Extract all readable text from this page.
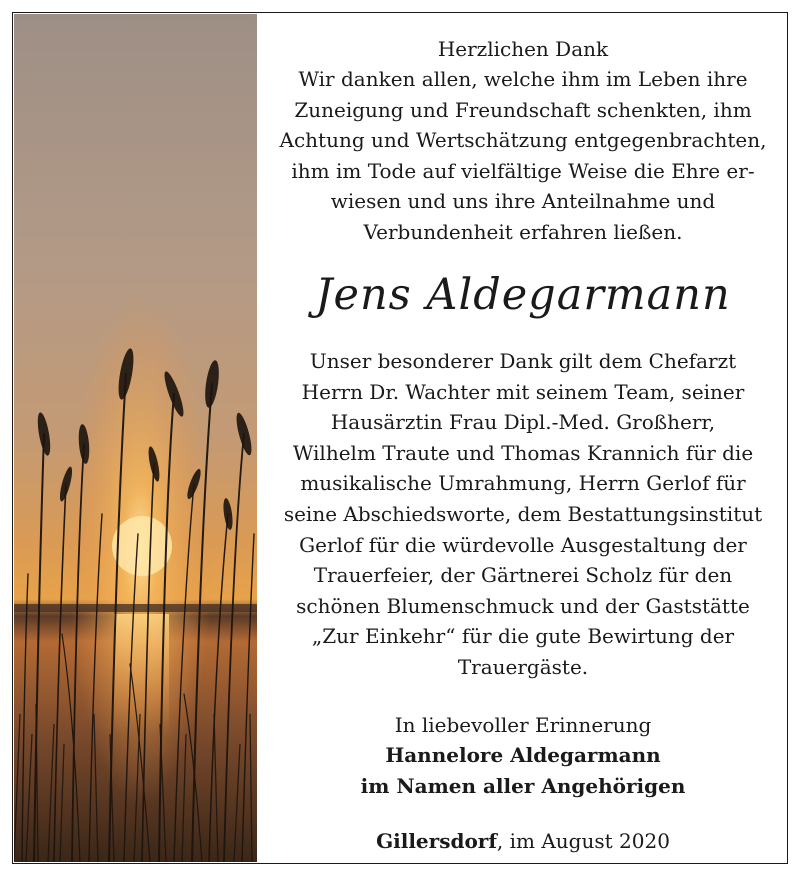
Herzlichen Dank
Wir danken allen, welche ihm im Leben ihre
Zuneigung und Freundschaft schenkten, ihm
Achtung und Wertschätzung entgegenbrachten,
ihm im Tode auf vielfältige Weise die Ehre er-
wiesen und uns ihre Anteilnahme und
Verbundenheit erfahren ließen.
Jens Aldegarmann
Unser besonderer Dank gilt dem Chefarzt
Herrn Dr. Wachter mit seinem Team, seiner
Hausärztin Frau Dipl.-Med. Großherr,
Wilhelm Traute und Thomas Krannich für die
musikalische Umrahmung, Herrn Gerlof für
seine Abschiedsworte, dem Bestattungsinstitut
Gerlof für die würdevolle Ausgestaltung der
Trauerfeier, der Gärtnerei Scholz für den
schönen Blumenschmuck und der Gaststätte
„Zur Einkehr“ für die gute Bewirtung der
Trauergäste.
In liebevoller Erinnerung
Hannelore Aldegarmann
im Namen aller Angehörigen
Gillersdorf, im August 2020
